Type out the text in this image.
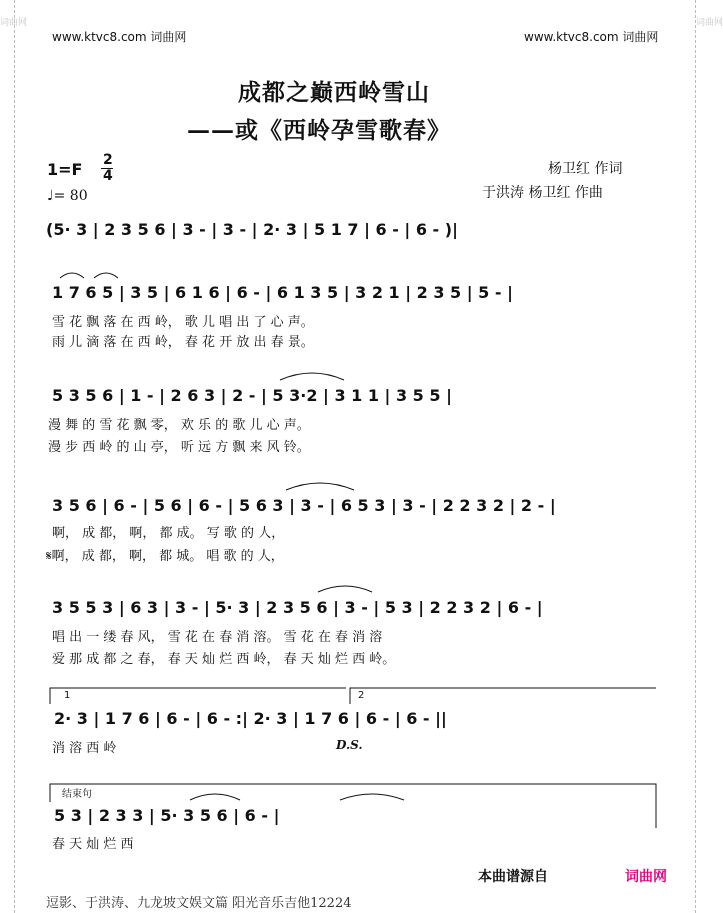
词曲网	词曲网
www.ktvc8.com 词曲网	www.ktvc8.com 词曲网
成都之巅西岭雪山
——或《西岭孕雪歌春》
1=F 2
4
♩= 80
杨卫红 作词
于洪涛 杨卫红 作曲
(5· 3 | 2 3 5 6 | 3 - | 3 - | 2· 3 | 5 1 7 | 6 - | 6 - )|
1 7 6 5 | 3 5 | 6 1 6 | 6 - | 6 1 3 5 | 3 2 1 | 2 3 5 | 5 - |
雪 花 飘 落 在 西 岭， 歌 儿 唱 出 了 心 声。
雨 儿 滴 落 在 西 岭， 春 花 开 放 出 春 景。
5 3 5 6 | 1 - | 2 6 3 | 2 - | 5 3·2 | 3 1 1 | 3 5 5 |
漫 舞 的 雪 花 飘 零， 欢 乐 的 歌 儿 心 声。
漫 步 西 岭 的 山 亭， 听 远 方 飘 来 风 铃。
3 5 6 | 6 - | 5 6 | 6 - | 5 6 3 | 3 - | 6 5 3 | 3 - | 2 2 3 2 | 2 - |
啊， 成 都， 啊， 都 成。 写 歌 的 人，
𝄋啊， 成 都， 啊， 都 城。 唱 歌 的 人，
3 5 5 3 | 6 3 | 3 - | 5· 3 | 2 3 5 6 | 3 - | 5 3 | 2 2 3 2 | 6 - |
唱 出 一 缕 春 风， 雪 花 在 春 消 溶。 雪 花 在 春 消 溶
爱 那 成 都 之 春， 春 天 灿 烂 西 岭， 春 天 灿 烂 西 岭。
1	2
2· 3 | 1 7 6 | 6 - | 6 - :| 2· 3 | 1 7 6 | 6 - | 6 - ||
消 溶 西 岭	D.S.
结束句
5 3 | 2 3 3 | 5· 3 5 6 | 6 - |
春 天 灿 烂 西
本曲谱源自	词曲网
逗影、于洪涛、九龙坡文娱文篇 阳光音乐吉他12224
